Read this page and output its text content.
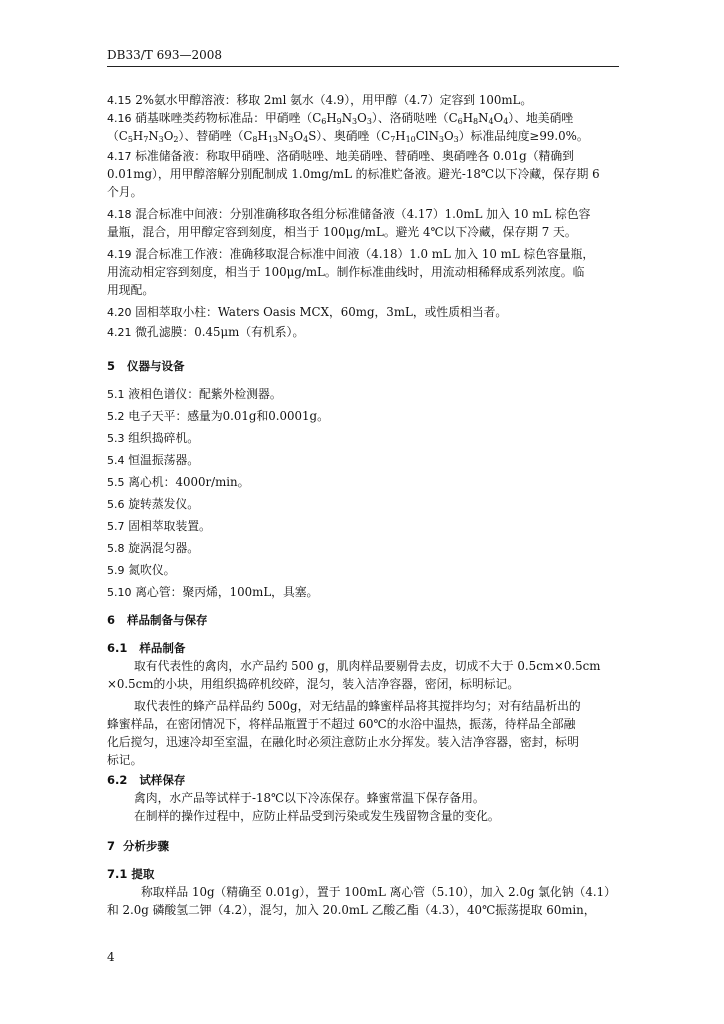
DB33/T 693—2008
4.15 2%氨水甲醇溶液：移取 2ml 氨水（4.9），用甲醇（4.7）定容到 100mL。
4.16 硝基咪唑类药物标准品：甲硝唑$(C_6H_9N_3O_3)$、洛硝哒唑$(C_6H_8N_4O_4)$、地美硝唑
$(C_5H_7N_3O_2)$、替硝唑$(C_8H_{13}N_3O_4S)$、奥硝唑$(C_7H_{10}ClN_3O_3)$标准品纯度≥99.0%。
4.17 标准储备液：称取甲硝唑、洛硝哒唑、地美硝唑、替硝唑、奥硝唑各 0.01g（精确到
0.01mg），用甲醇溶解分别配制成 1.0mg/mL 的标准贮备液。避光-18℃以下冷藏，保存期 6
个月。
4.18 混合标准中间液：分别准确移取各组分标准储备液（4.17）1.0mL 加入 10 mL 棕色容
量瓶，混合，用甲醇定容到刻度，相当于 100μg/mL。避光 4℃以下冷藏，保存期 7 天。
4.19 混合标准工作液：准确移取混合标准中间液（4.18）1.0 mL 加入 10 mL 棕色容量瓶，
用流动相定容到刻度，相当于 100μg/mL。制作标准曲线时，用流动相稀释成系列浓度。临
用现配。
4.20 固相萃取小柱：Waters Oasis MCX，60mg，3mL，或性质相当者。
4.21 微孔滤膜：0.45μm（有机系）。
5 仪器与设备
5.1 液相色谱仪：配紫外检测器。
5.2 电子天平：感量为0.01g和0.0001g。
5.3 组织捣碎机。
5.4 恒温振荡器。
5.5 离心机：4000r/min。
5.6 旋转蒸发仪。
5.7 固相萃取装置。
5.8 旋涡混匀器。
5.9 氮吹仪。
5.10 离心管：聚丙烯，100mL，具塞。
6 样品制备与保存
6.1 样品制备
取有代表性的禽肉，水产品约 500 g，肌肉样品要剔骨去皮，切成不大于 0.5cm×0.5cm
×0.5cm的小块，用组织捣碎机绞碎，混匀，装入洁净容器，密闭，标明标记。
取代表性的蜂产品样品约 500g，对无结晶的蜂蜜样品将其搅拌均匀；对有结晶析出的
蜂蜜样品，在密闭情况下，将样品瓶置于不超过 60℃的水浴中温热，振荡，待样品全部融
化后搅匀，迅速冷却至室温，在融化时必须注意防止水分挥发。装入洁净容器，密封，标明
标记。
6.2 试样保存
禽肉，水产品等试样于-18℃以下冷冻保存。蜂蜜常温下保存备用。
在制样的操作过程中，应防止样品受到污染或发生残留物含量的变化。
7 分析步骤
7.1 提取
称取样品 10g（精确至 0.01g），置于 100mL 离心管（5.10），加入 2.0g 氯化钠（4.1）
和 2.0g 磷酸氢二钾（4.2），混匀，加入 20.0mL 乙酸乙酯（4.3），40℃振荡提取 60min，
4
